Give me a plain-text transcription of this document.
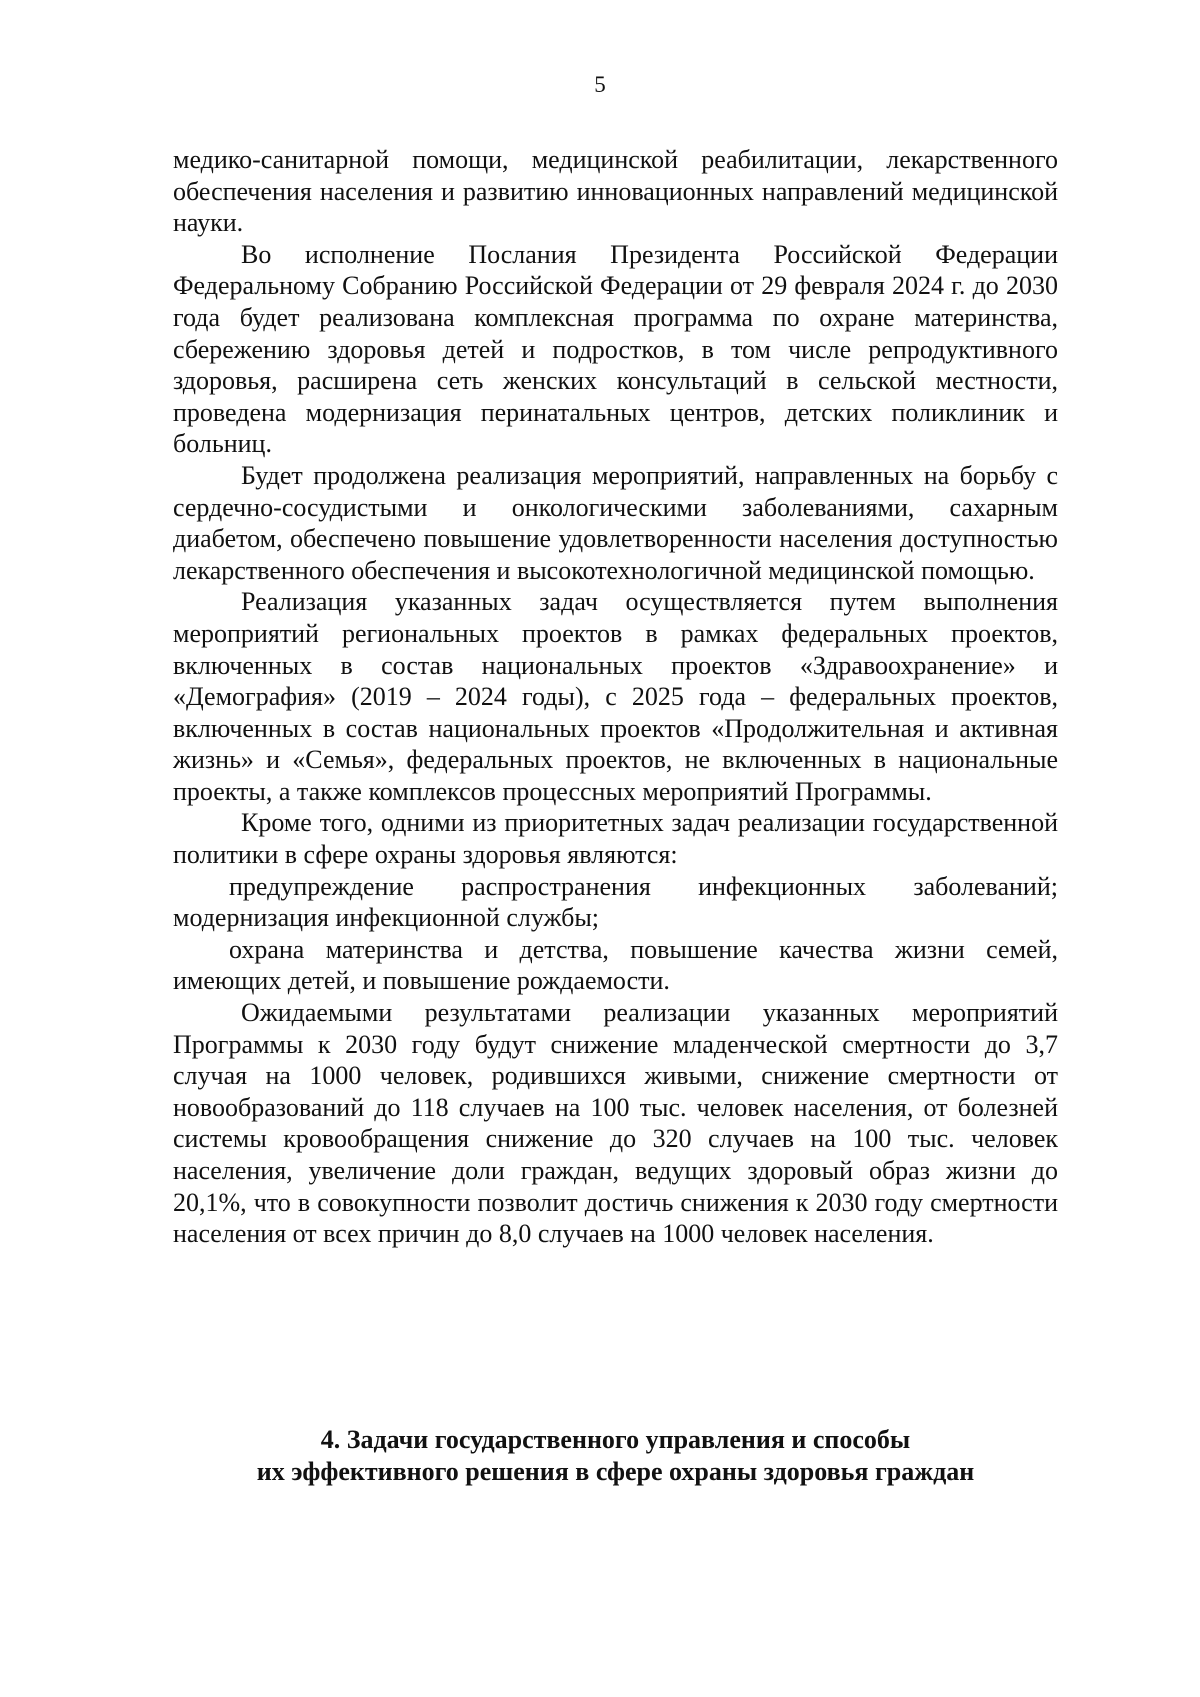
5

медико-санитарной помощи, медицинской реабилитации, лекарственного обеспечения населения и развитию инновационных направлений медицинской науки.

Во исполнение Послания Президента Российской Федерации Федеральному Собранию Российской Федерации от 29 февраля 2024 г. до 2030 года будет реализована комплексная программа по охране материнства, сбережению здоровья детей и подростков, в том числе репродуктивного здоровья, расширена сеть женских консультаций в сельской местности, проведена модернизация перинатальных центров, детских поликлиник и больниц.

Будет продолжена реализация мероприятий, направленных на борьбу с сердечно-сосудистыми и онкологическими заболеваниями, сахарным диабетом, обеспечено повышение удовлетворенности населения доступностью лекарственного обеспечения и высокотехнологичной медицинской помощью.

Реализация указанных задач осуществляется путем выполнения мероприятий региональных проектов в рамках федеральных проектов, включенных в состав национальных проектов «Здравоохранение» и «Демография» (2019 – 2024 годы), с 2025 года – федеральных проектов, включенных в состав национальных проектов «Продолжительная и активная жизнь» и «Семья», федеральных проектов, не включенных в национальные проекты, а также комплексов процессных мероприятий Программы.

Кроме того, одними из приоритетных задач реализации государственной политики в сфере охраны здоровья являются:

предупреждение распространения инфекционных заболеваний; модернизация инфекционной службы;

охрана материнства и детства, повышение качества жизни семей, имеющих детей, и повышение рождаемости.

Ожидаемыми результатами реализации указанных мероприятий Программы к 2030 году будут снижение младенческой смертности до 3,7 случая на 1000 человек, родившихся живыми, снижение смертности от новообразований до 118 случаев на 100 тыс. человек населения, от болезней системы кровообращения снижение до 320 случаев на 100 тыс. человек населения, увеличение доли граждан, ведущих здоровый образ жизни до 20,1%, что в совокупности позволит достичь снижения к 2030 году смертности населения от всех причин до 8,0 случаев на 1000 человек населения.

4. Задачи государственного управления и способы
их эффективного решения в сфере охраны здоровья граждан
